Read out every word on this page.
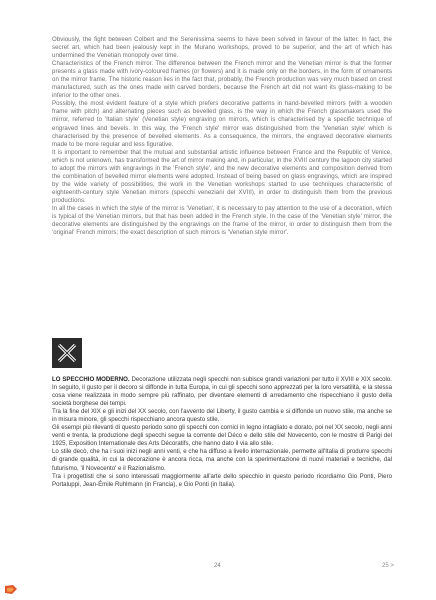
Obviously, the fight between Colbert and the Serenissima seems to have been solved in favour of the latter. In fact, the secret art, which had been jealously kept in the Murano workshops, proved to be superior, and the art of which has undermined the Venetian monopoly over time.

Characteristics of the French mirror. The difference between the French mirror and the Venetian mirror is that the former presents a glass made with ivory-coloured frames (or flowers) and it is made only on the borders, in the form of ornaments on the mirror frame. The historic reason lies in the fact that, probably, the French production was very much based on crest manufactured, such as the ones made with carved borders, because the French art did not want its glass-making to be inferior to the other ones.

Possibly, the most evident feature of a style which prefers decorative patterns in hand-bevelled mirrors (with a wooden frame with pitch) and alternating pieces such as bevelled glass, is the way in which the French glassmakers used the mirror, referred to 'Italian style' (Venetian style) engraving on mirrors, which is characterised by a specific technique of engraved lines and bevels. In this way, the 'French style' mirror was distinguished from the 'Venetian style' which is characterised by the presence of bevelled elements. As a consequence, the mirrors, the engraved decorative elements made to be more regular and less figurative.

It is important to remember that the mutual and substantial artistic influence between France and the Republic of Venice, which is not unknown, has transformed the art of mirror making and, in particular, in the XVIII century the lagoon city started to adopt the mirrors with engravings in the 'French style', and the new decorative elements and composition derived from the combination of bevelled mirror elements were adopted. Instead of being based on glass engravings, which are inspired by the wide variety of possibilities, the work in the Venetian workshops started to use techniques characteristic of eighteenth-century style Venetian mirrors (specchi veneziani del XVIII), in order to distinguish them from the previous productions.

In all the cases in which the style of the mirror is 'Venetian', it is necessary to pay attention to the use of a decoration, which is typical of the Venetian mirrors, but that has been added in the French style. In the case of the 'Venetian style' mirror, the decorative elements are distinguished by the engravings on the frame of the mirror, in order to distinguish them from the 'original' French mirrors; the exact description of such mirrors is 'Venetian style mirror'.

LO SPECCHIO MODERNO. Decorazione utilizzata negli specchi non subisce grandi variazioni per tutto il XVIII e XIX secolo. In seguito, il gusto per il decoro si diffonde in tutta Europa, in cui gli specchi sono apprezzati per la loro versatilità, e la stessa cosa viene realizzata in modo sempre più raffinato, per diventare elementi di arredamento che rispecchiano il gusto della società borghese dei tempi.

Tra la fine del XIX e gli inizi del XX secolo, con l'avvento del Liberty, il gusto cambia e si diffonde un nuovo stile, ma anche se in misura minore, gli specchi rispecchiano ancora questo stile.

Gli esempi più rilevanti di questo periodo sono gli specchi con cornici in legno intagliato e dorato, poi nel XX secolo, negli anni venti e trenta, la produzione degli specchi segue la corrente del Déco e dello stile del Novecento, con le mostre di Parigi del 1925, Exposition Internationale des Arts Décoratifs, che hanno dato il via allo stile.

Lo stile decò, che ha i suoi inizi negli anni venti, e che ha diffuso a livello internazionale, permette all'Italia di produrre specchi di grande qualità, in cui la decorazione è ancora ricca, ma anche con la sperimentazione di nuovi materiali e tecniche, dal futurismo, 'il Novecento' e il Razionalismo.

Tra i progettisti che si sono interessati maggiormente all'arte dello specchio in questo periodo ricordiamo Gio Ponti, Piero Portaluppi, Jean-Émile Ruhlmann (in Francia), e Gio Ponti (in Italia).

24	25 >
